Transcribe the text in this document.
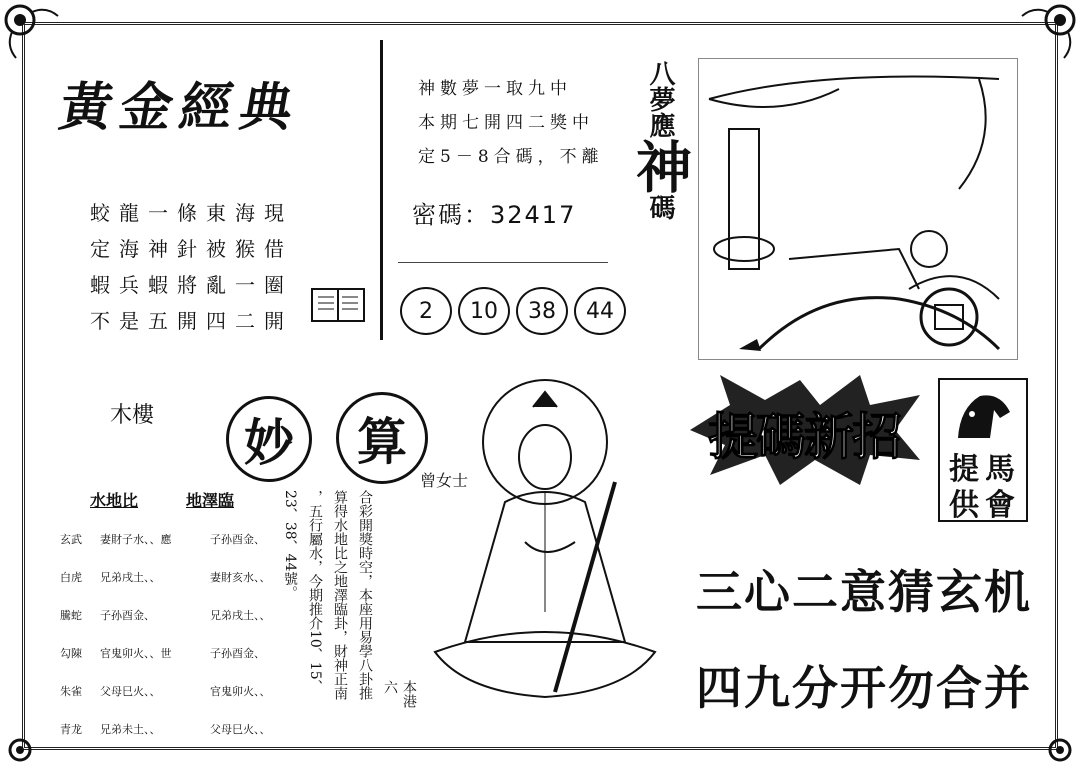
黃金經典
蛟龍一條東海現
定海神針被猴借
蝦兵蝦將亂一圈
不是五開四二開
神數夢一取九中
本期七開四二獎中
定5－8合碼，不離
密碼：32417
2	10	38	44
八夢應神碼
木樓	妙	算
曾女士
水地比	地澤臨
玄武	妻財子水、、應	子孙酉金、
白虎	兄弟戌土、、	妻財亥水、、
騰蛇	子孙酉金、	兄弟戌土、、
勾陳	官鬼卯火、、世	子孙酉金、
朱雀	父母巳火、、	官鬼卯火、、
青龙	兄弟未土、、	父母巳火、、
本港六
合彩開獎時空，本座用易學八卦推
算得水地比之地澤臨卦，財神正南
，五行屬水，今期推介10、15、
23、38、44號。
提碼新招
提 馬
供 會
三心二意猜玄机
四九分开勿合并
